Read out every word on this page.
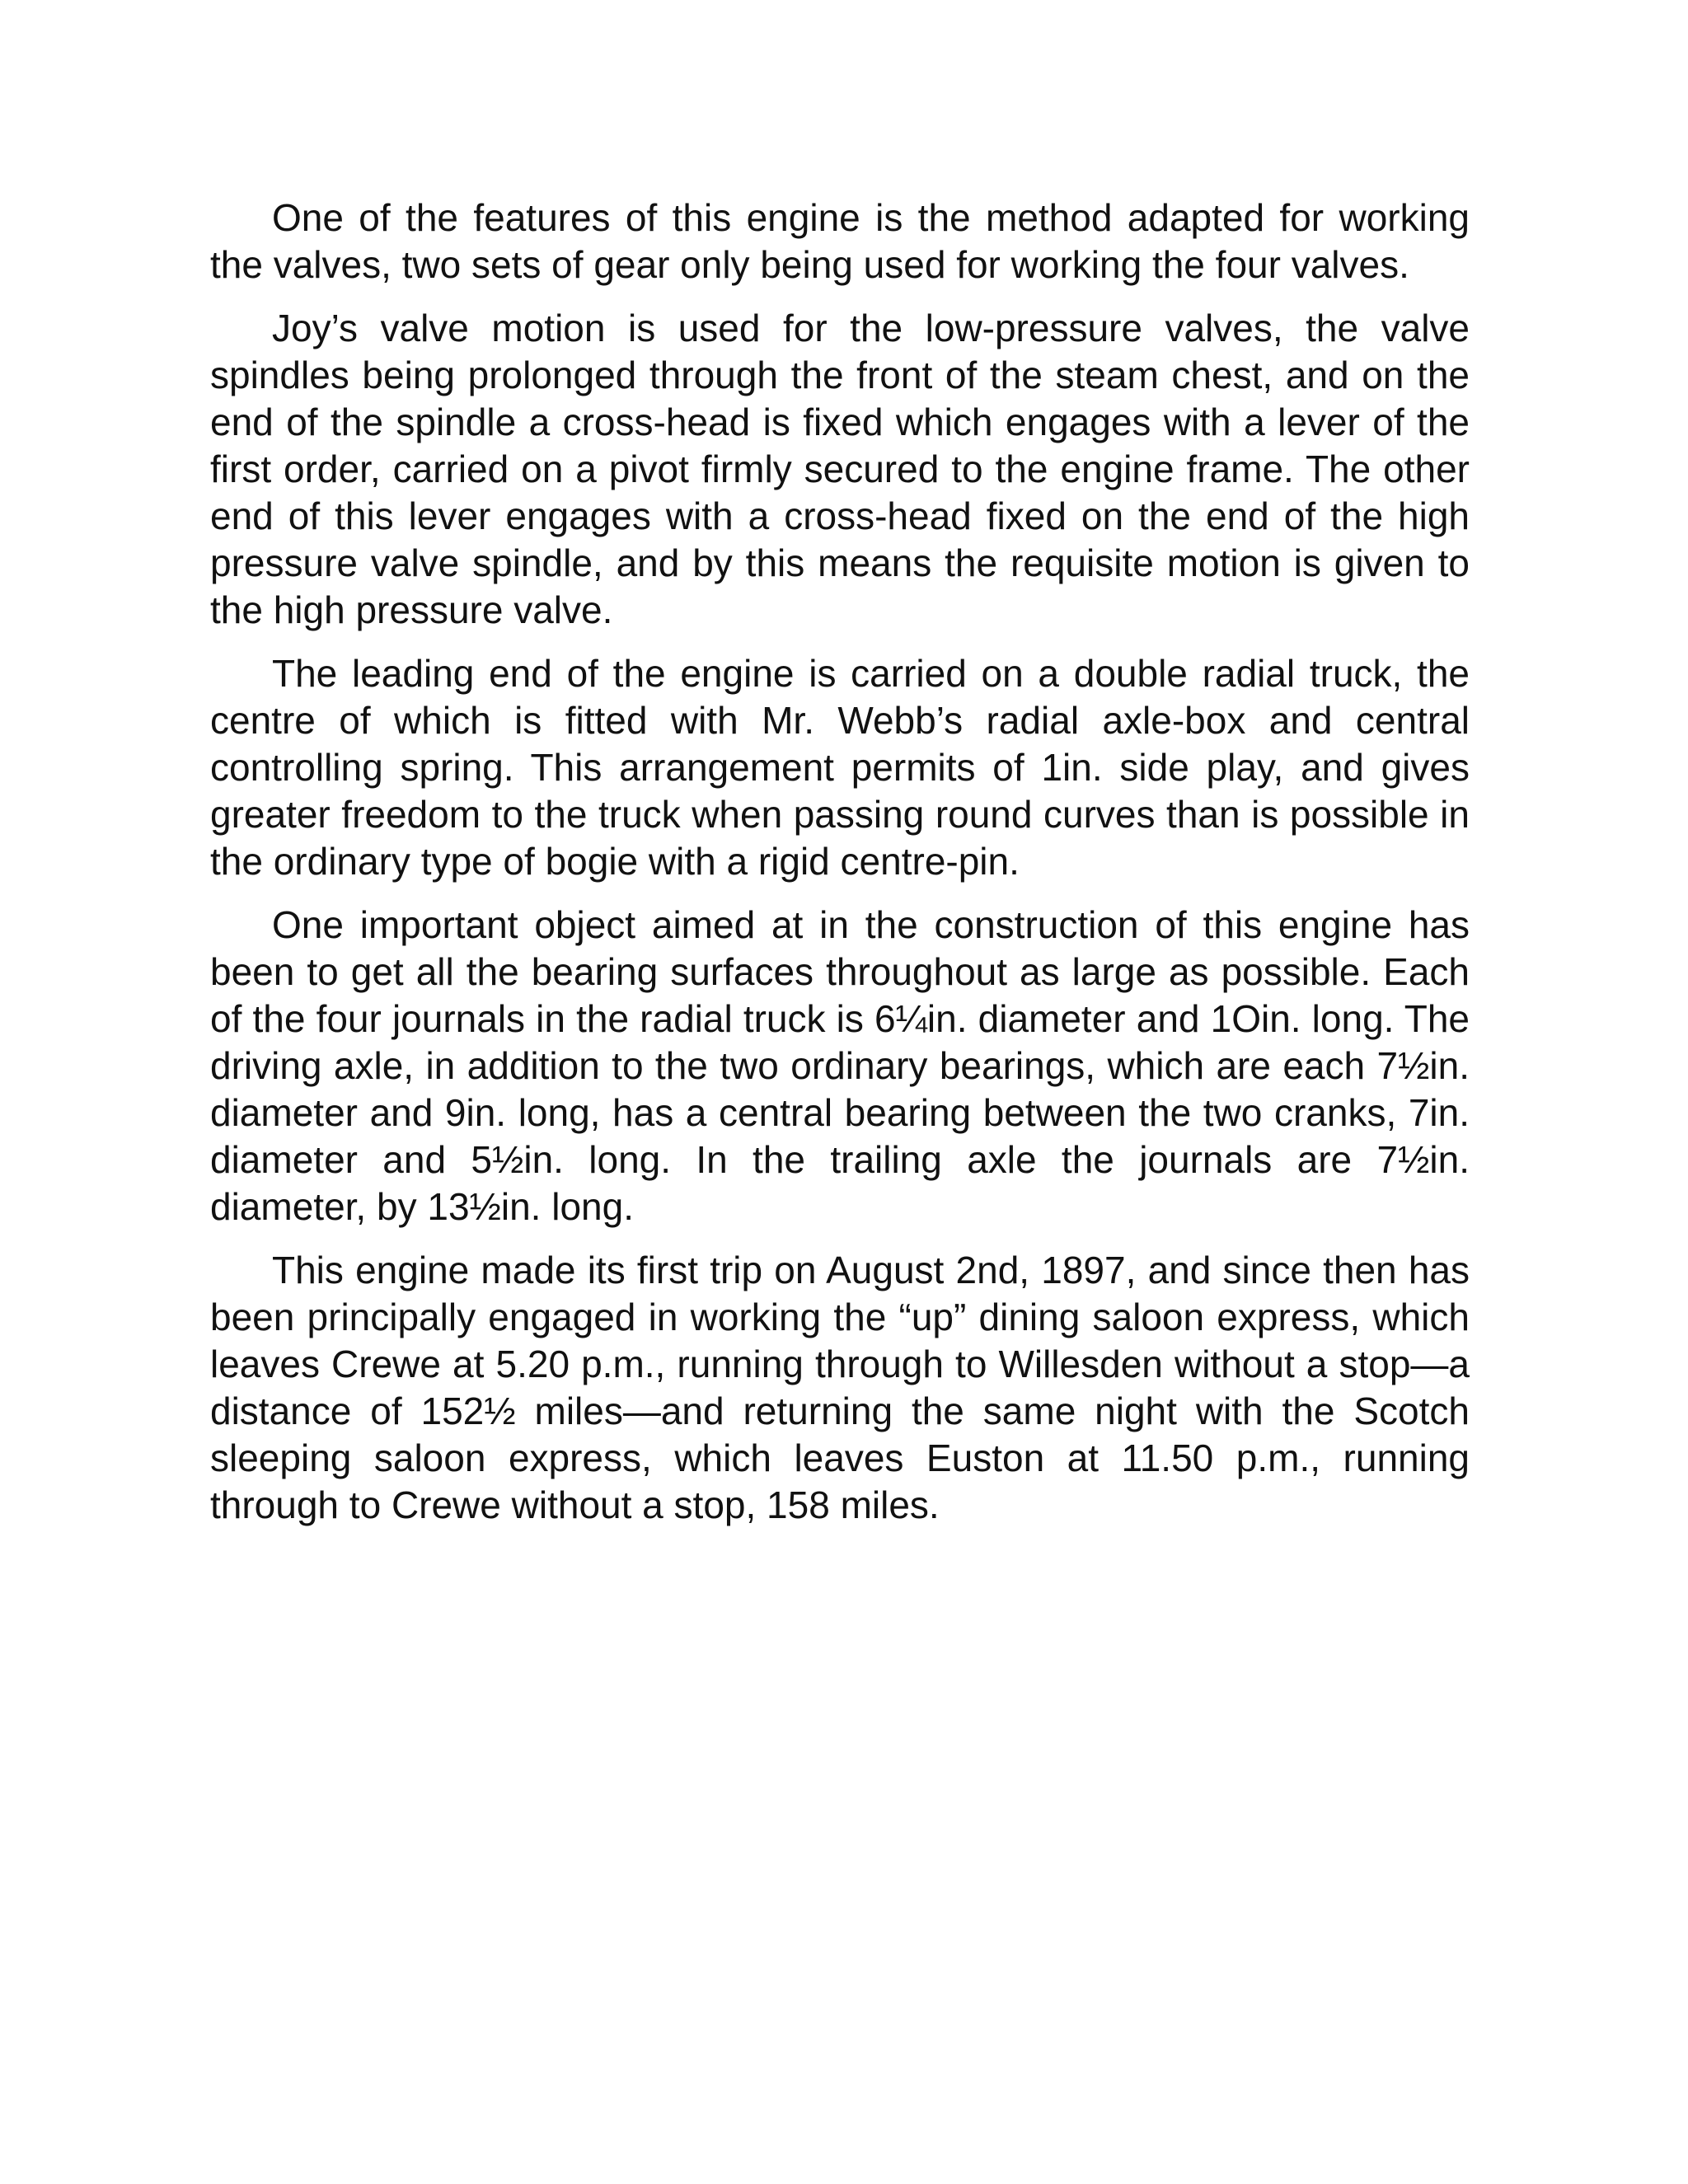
One of the features of this engine is the method adapted for working the valves, two sets of gear only being used for working the four valves.

Joy’s valve motion is used for the low-pressure valves, the valve spindles being prolonged through the front of the steam chest, and on the end of the spindle a cross-head is fixed which engages with a lever of the first order, carried on a pivot firmly secured to the engine frame. The other end of this lever engages with a cross-head fixed on the end of the high pressure valve spindle, and by this means the requisite motion is given to the high pressure valve.

The leading end of the engine is carried on a double radial truck, the centre of which is fitted with Mr. Webb’s radial axle-box and central controlling spring. This arrangement permits of 1in. side play, and gives greater freedom to the truck when passing round curves than is possible in the ordinary type of bogie with a rigid centre-pin.

One important object aimed at in the construction of this engine has been to get all the bearing surfaces throughout as large as possible. Each of the four journals in the radial truck is 6¼in. diameter and 1Oin. long. The driving axle, in addition to the two ordinary bearings, which are each 7½in. diameter and 9in. long, has a central bearing between the two cranks, 7in. diameter and 5½in. long. In the trailing axle the journals are 7½in. diameter, by 13½in. long.

This engine made its first trip on August 2nd, 1897, and since then has been principally engaged in working the “up” dining saloon express, which leaves Crewe at 5.20 p.m., running through to Willesden without a stop—a distance of 152½ miles—and returning the same night with the Scotch sleeping saloon express, which leaves Euston at 11.50 p.m., running through to Crewe without a stop, 158 miles.
